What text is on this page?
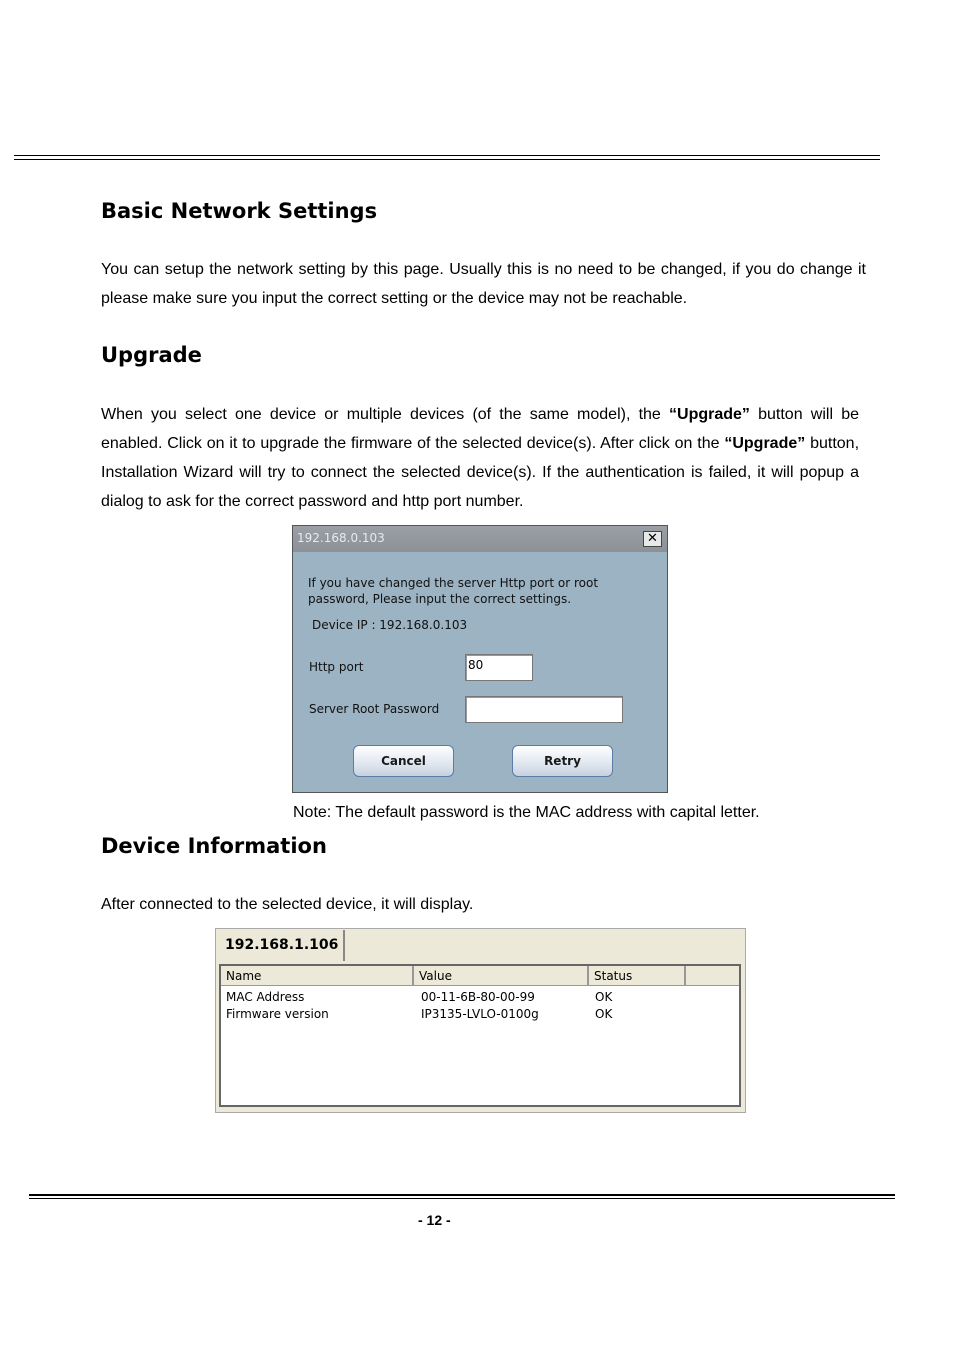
Basic Network Settings

You can setup the network setting by this page. Usually this is no need to be changed, if you do change it please make sure you input the correct setting or the device may not be reachable.

Upgrade

When you select one device or multiple devices (of the same model), the “Upgrade” button will be enabled. Click on it to upgrade the firmware of the selected device(s). After click on the “Upgrade” button, Installation Wizard will try to connect the selected device(s). If the authentication is failed, it will popup a dialog to ask for the correct password and http port number.

192.168.0.103	✕
If you have changed the server Http port or root password, Please input the correct settings.
Device IP : 192.168.0.103
Http port	80
Server Root Password
Cancel	Retry

Note: The default password is the MAC address with capital letter.

Device Information

After connected to the selected device, it will display.

192.168.1.106
Name	Value	Status
MAC Address	00-11-6B-80-00-99	OK
Firmware version	IP3135-LVLO-0100g	OK
- 12 -
